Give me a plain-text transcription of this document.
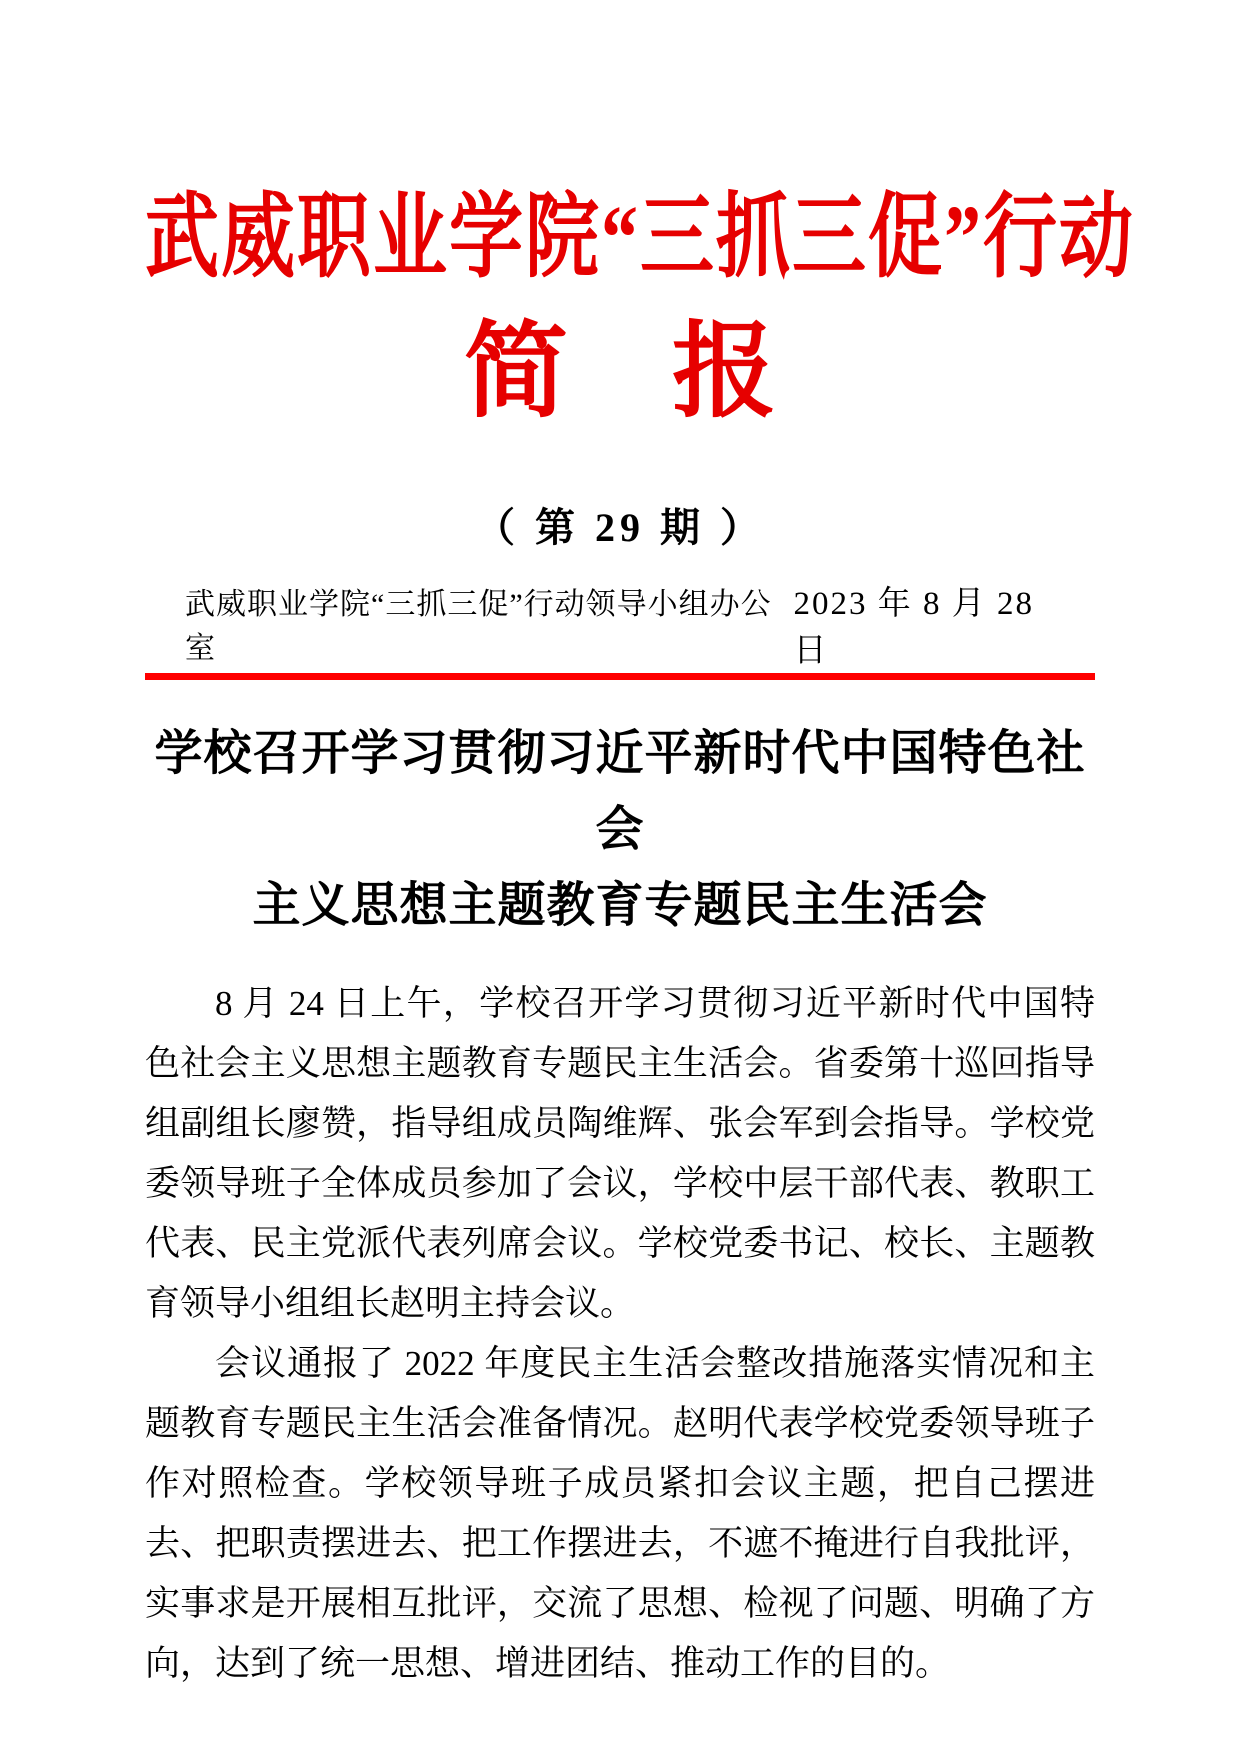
武威职业学院“三抓三促”行动
简　报
（ 第 29 期 ）
武威职业学院“三抓三促”行动领导小组办公室
2023 年 8 月 28 日
学校召开学习贯彻习近平新时代中国特色社会
主义思想主题教育专题民主生活会

8 月 24 日上午，学校召开学习贯彻习近平新时代中国特色社会主义思想主题教育专题民主生活会。省委第十巡回指导组副组长廖赞，指导组成员陶维辉、张会军到会指导。学校党委领导班子全体成员参加了会议，学校中层干部代表、教职工代表、民主党派代表列席会议。学校党委书记、校长、主题教育领导小组组长赵明主持会议。

会议通报了 2022 年度民主生活会整改措施落实情况和主题教育专题民主生活会准备情况。赵明代表学校党委领导班子作对照检查。学校领导班子成员紧扣会议主题，把自己摆进去、把职责摆进去、把工作摆进去，不遮不掩进行自我批评，实事求是开展相互批评，交流了思想、检视了问题、明确了方向，达到了统一思想、增进团结、推动工作的目的。
